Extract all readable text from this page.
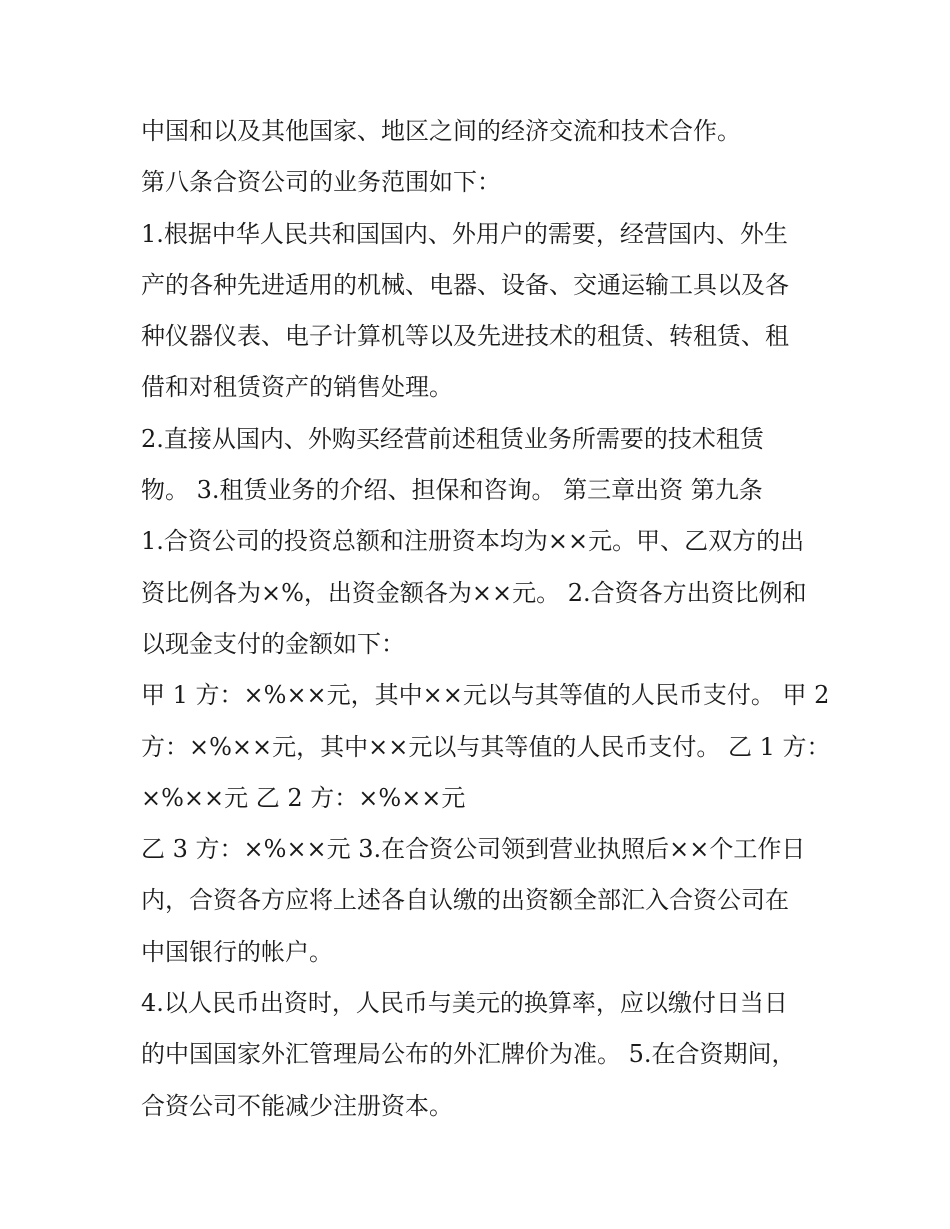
中国和以及其他国家、地区之间的经济交流和技术合作。
第八条合资公司的业务范围如下：
1.根据中华人民共和国国内、外用户的需要，经营国内、外生
产的各种先进适用的机械、电器、设备、交通运输工具以及各
种仪器仪表、电子计算机等以及先进技术的租赁、转租赁、租
借和对租赁资产的销售处理。
2.直接从国内、外购买经营前述租赁业务所需要的技术租赁
物。 3.租赁业务的介绍、担保和咨询。 第三章出资 第九条
1.合资公司的投资总额和注册资本均为××元。甲、乙双方的出
资比例各为×%，出资金额各为××元。 2.合资各方出资比例和
以现金支付的金额如下：
甲 1 方：×%××元，其中××元以与其等值的人民币支付。 甲 2
方：×%××元，其中××元以与其等值的人民币支付。 乙 1 方：
×%××元 乙 2 方：×%××元
乙 3 方：×%××元 3.在合资公司领到营业执照后××个工作日
内，合资各方应将上述各自认缴的出资额全部汇入合资公司在
中国银行的帐户。
4.以人民币出资时，人民币与美元的换算率，应以缴付日当日
的中国国家外汇管理局公布的外汇牌价为准。 5.在合资期间，
合资公司不能减少注册资本。
